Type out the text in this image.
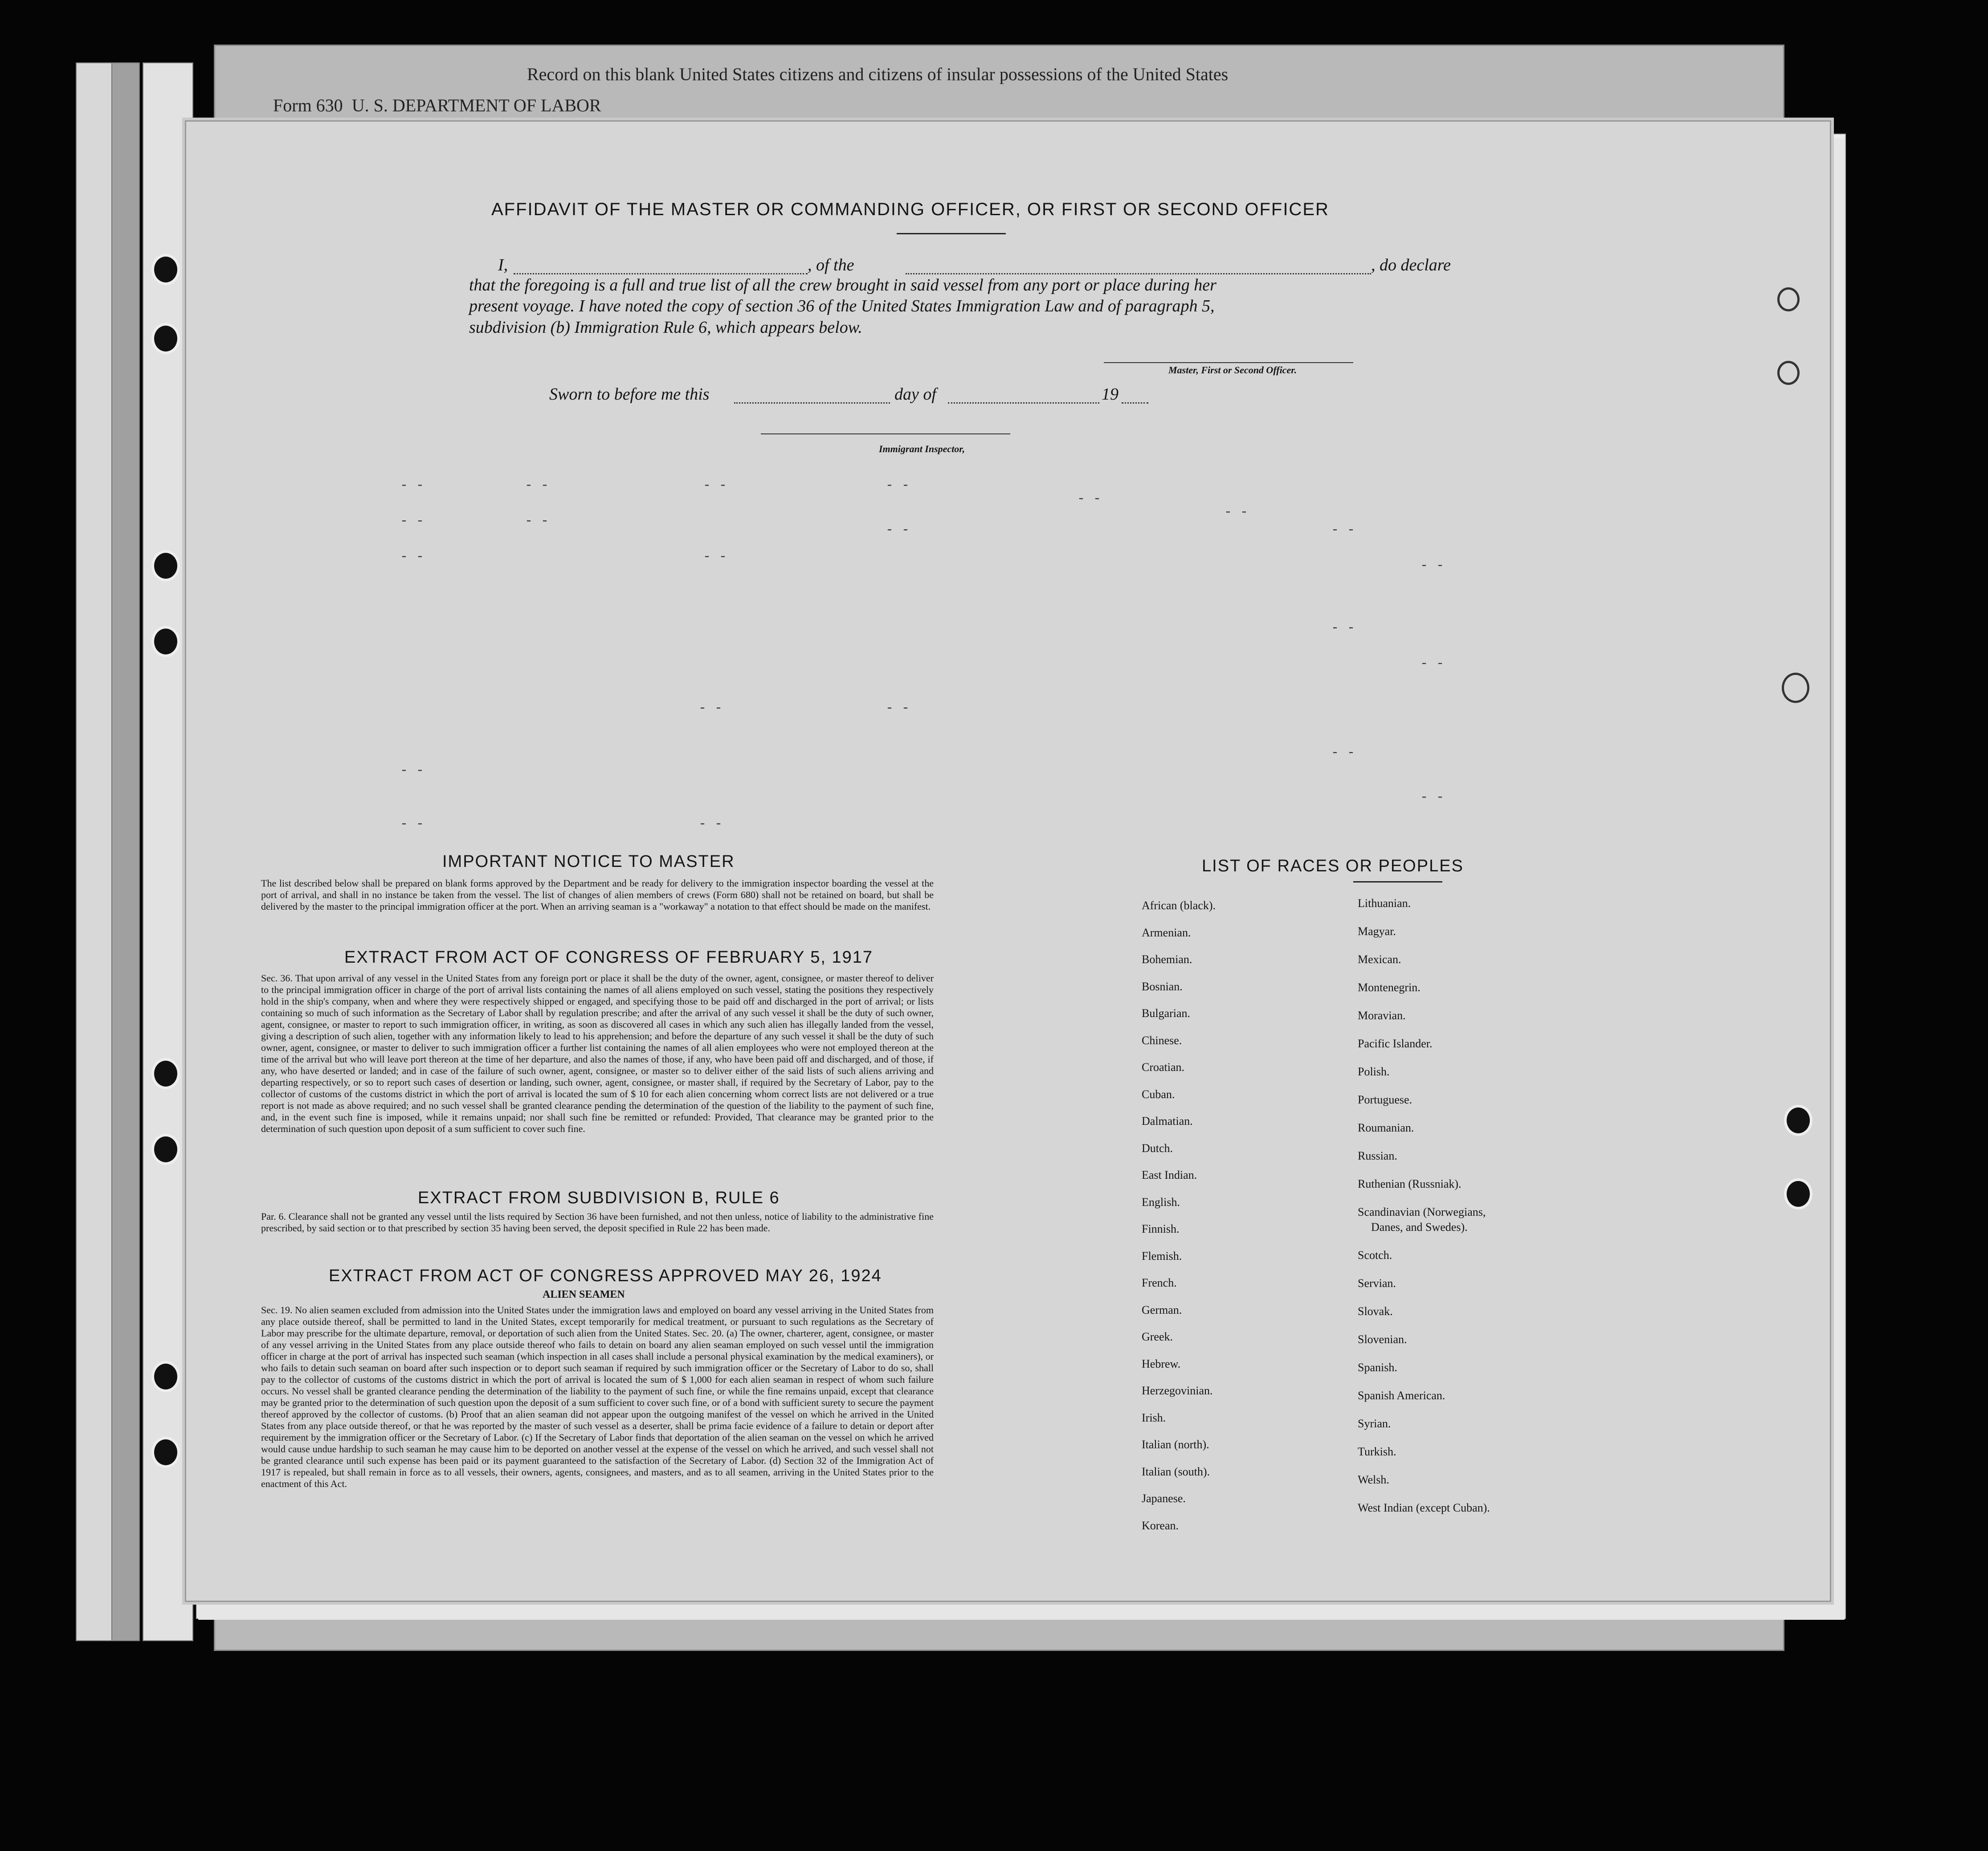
Form 630 U. S. DEPARTMENT OF LABOR
Record on this blank United States citizens and citizens of insular possessions of the United States
AFFIDAVIT OF THE MASTER OR COMMANDING OFFICER, OR FIRST OR SECOND OFFICER
I,	, of the	, do declare
that the foregoing is a full and true list of all the crew brought in said vessel from any port or place during her
present voyage. I have noted the copy of section 36 of the United States Immigration Law and of paragraph 5,
subdivision (b) Immigration Rule 6, which appears below.
Master, First or Second Officer.
Sworn to before me this	day of	19
Immigrant Inspector,
- -
- -
- -
- -
- -
- -
- -
- -
- -
- -
- -
- -
- -
- -
- -
- -
- -	- -
- -
- -	- -
- -
IMPORTANT NOTICE TO MASTER
The list described below shall be prepared on blank forms approved by the Department and be ready for delivery to the immigration inspector boarding the vessel at the port of arrival, and shall in no instance be taken from the vessel. The list of changes of alien members of crews (Form 680) shall not be retained on board, but shall be delivered by the master to the principal immigration officer at the port. When an arriving seaman is a "workaway" a notation to that effect should be made on the manifest.
EXTRACT FROM ACT OF CONGRESS OF FEBRUARY 5, 1917
Sec. 36. That upon arrival of any vessel in the United States from any foreign port or place it shall be the duty of the owner, agent, consignee, or master thereof to deliver to the principal immigration officer in charge of the port of arrival lists containing the names of all aliens employed on such vessel, stating the positions they respectively hold in the ship's company, when and where they were respectively shipped or engaged, and specifying those to be paid off and discharged in the port of arrival; or lists containing so much of such information as the Secretary of Labor shall by regulation prescribe; and after the arrival of any such vessel it shall be the duty of such owner, agent, consignee, or master to report to such immigration officer, in writing, as soon as discovered all cases in which any such alien has illegally landed from the vessel, giving a description of such alien, together with any information likely to lead to his apprehension; and before the departure of any such vessel it shall be the duty of such owner, agent, consignee, or master to deliver to such immigration officer a further list containing the names of all alien employees who were not employed thereon at the time of the arrival but who will leave port thereon at the time of her departure, and also the names of those, if any, who have been paid off and discharged, and of those, if any, who have deserted or landed; and in case of the failure of such owner, agent, consignee, or master so to deliver either of the said lists of such aliens arriving and departing respectively, or so to report such cases of desertion or landing, such owner, agent, consignee, or master shall, if required by the Secretary of Labor, pay to the collector of customs of the customs district in which the port of arrival is located the sum of $ 10 for each alien concerning whom correct lists are not delivered or a true report is not made as above required; and no such vessel shall be granted clearance pending the determination of the question of the liability to the payment of such fine, and, in the event such fine is imposed, while it remains unpaid; nor shall such fine be remitted or refunded: Provided, That clearance may be granted prior to the determination of such question upon deposit of a sum sufficient to cover such fine.
EXTRACT FROM SUBDIVISION B, RULE 6
Par. 6. Clearance shall not be granted any vessel until the lists required by Section 36 have been furnished, and not then unless, notice of liability to the administrative fine prescribed, by said section or to that prescribed by section 35 having been served, the deposit specified in Rule 22 has been made.
EXTRACT FROM ACT OF CONGRESS APPROVED MAY 26, 1924
ALIEN SEAMEN
Sec. 19. No alien seamen excluded from admission into the United States under the immigration laws and employed on board any vessel arriving in the United States from any place outside thereof, shall be permitted to land in the United States, except temporarily for medical treatment, or pursuant to such regulations as the Secretary of Labor may prescribe for the ultimate departure, removal, or deportation of such alien from the United States. Sec. 20. (a) The owner, charterer, agent, consignee, or master of any vessel arriving in the United States from any place outside thereof who fails to detain on board any alien seaman employed on such vessel until the immigration officer in charge at the port of arrival has inspected such seaman (which inspection in all cases shall include a personal physical examination by the medical examiners), or who fails to detain such seaman on board after such inspection or to deport such seaman if required by such immigration officer or the Secretary of Labor to do so, shall pay to the collector of customs of the customs district in which the port of arrival is located the sum of $ 1,000 for each alien seaman in respect of whom such failure occurs. No vessel shall be granted clearance pending the determination of the liability to the payment of such fine, or while the fine remains unpaid, except that clearance may be granted prior to the determination of such question upon the deposit of a sum sufficient to cover such fine, or of a bond with sufficient surety to secure the payment thereof approved by the collector of customs. (b) Proof that an alien seaman did not appear upon the outgoing manifest of the vessel on which he arrived in the United States from any place outside thereof, or that he was reported by the master of such vessel as a deserter, shall be prima facie evidence of a failure to detain or deport after requirement by the immigration officer or the Secretary of Labor. (c) If the Secretary of Labor finds that deportation of the alien seaman on the vessel on which he arrived would cause undue hardship to such seaman he may cause him to be deported on another vessel at the expense of the vessel on which he arrived, and such vessel shall not be granted clearance until such expense has been paid or its payment guaranteed to the satisfaction of the Secretary of Labor. (d) Section 32 of the Immigration Act of 1917 is repealed, but shall remain in force as to all vessels, their owners, agents, consignees, and masters, and as to all seamen, arriving in the United States prior to the enactment of this Act.
LIST OF RACES OR PEOPLES
African (black).
Armenian.
Bohemian.
Bosnian.
Bulgarian.
Chinese.
Croatian.
Cuban.
Dalmatian.
Dutch.
East Indian.
English.
Finnish.
Flemish.
French.
German.
Greek.
Hebrew.
Herzegovinian.
Irish.
Italian (north).
Italian (south).
Japanese.
Korean.
Lithuanian.
Magyar.
Mexican.
Montenegrin.
Moravian.
Pacific Islander.
Polish.
Portuguese.
Roumanian.
Russian.
Ruthenian (Russniak).
Scandinavian (Norwegians,
Danes, and Swedes).
Scotch.
Servian.
Slovak.
Slovenian.
Spanish.
Spanish American.
Syrian.
Turkish.
Welsh.
West Indian (except Cuban).
